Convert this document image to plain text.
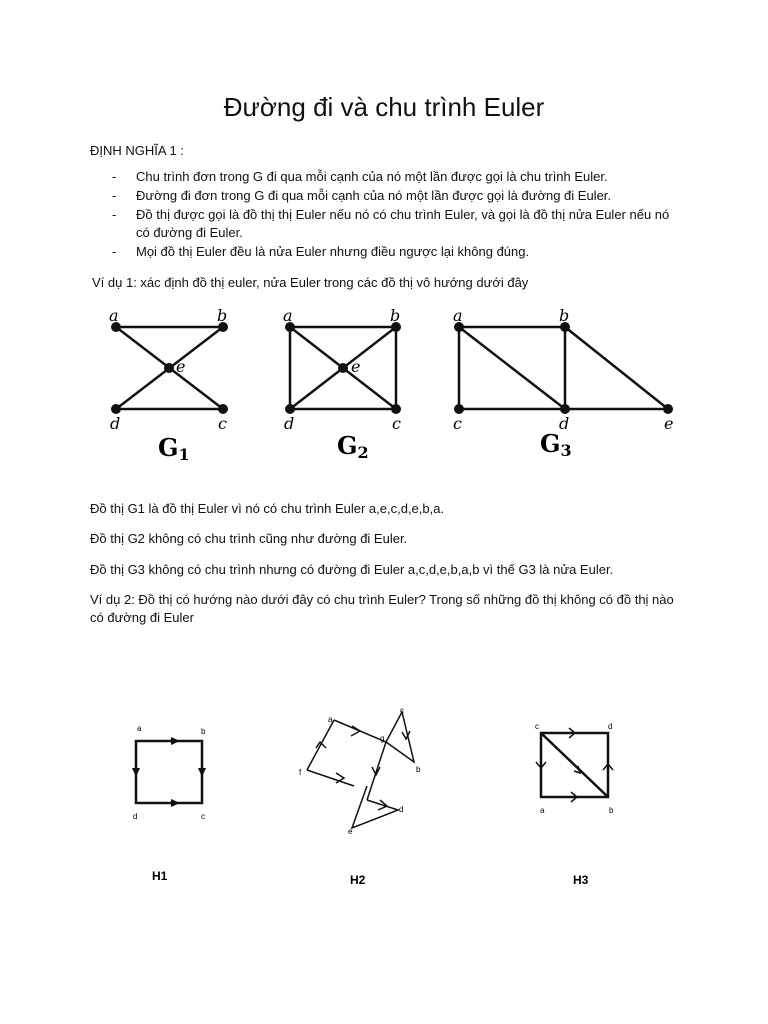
Đường đi và chu trình Euler

ĐỊNH NGHĨA 1 :

- Chu trình đơn trong G đi qua mỗi cạnh của nó một lần được gọi là chu trình Euler.
- Đường đi đơn trong G đi qua mỗi cạnh của nó một lần được gọi là đường đi Euler.
- Đồ thị được gọi là đồ thị thị Euler nếu nó có chu trình Euler, và gọi là đồ thị nửa Euler nếu nó có đường đi Euler.
- Mọi đồ thị Euler đều là nửa Euler nhưng điều ngược lại không đúng.

Ví dụ 1: xác định đồ thị euler, nửa Euler trong các đồ thị vô hướng dưới đây

a	b
c
d
e
G1
a	b
c
d
e
G2
a	b
c	d	e
G3

Đồ thị G1 là đồ thị Euler vì nó có chu trình Euler a,e,c,d,e,b,a.

Đồ thị G2 không có chu trình cũng như đường đi Euler.

Đồ thị G3 không có chu trình nhưng có đường đi Euler a,c,d,e,b,a,b vì thế G3 là nửa Euler.

Ví dụ 2: Đồ thị có hướng nào dưới đây có chu trình Euler? Trong số những đồ thị không có đồ thị nào có đường đi Euler

a	b
c
d
H1
a
b
c
d
e
f
g
H2
c	d
a	b
H3
